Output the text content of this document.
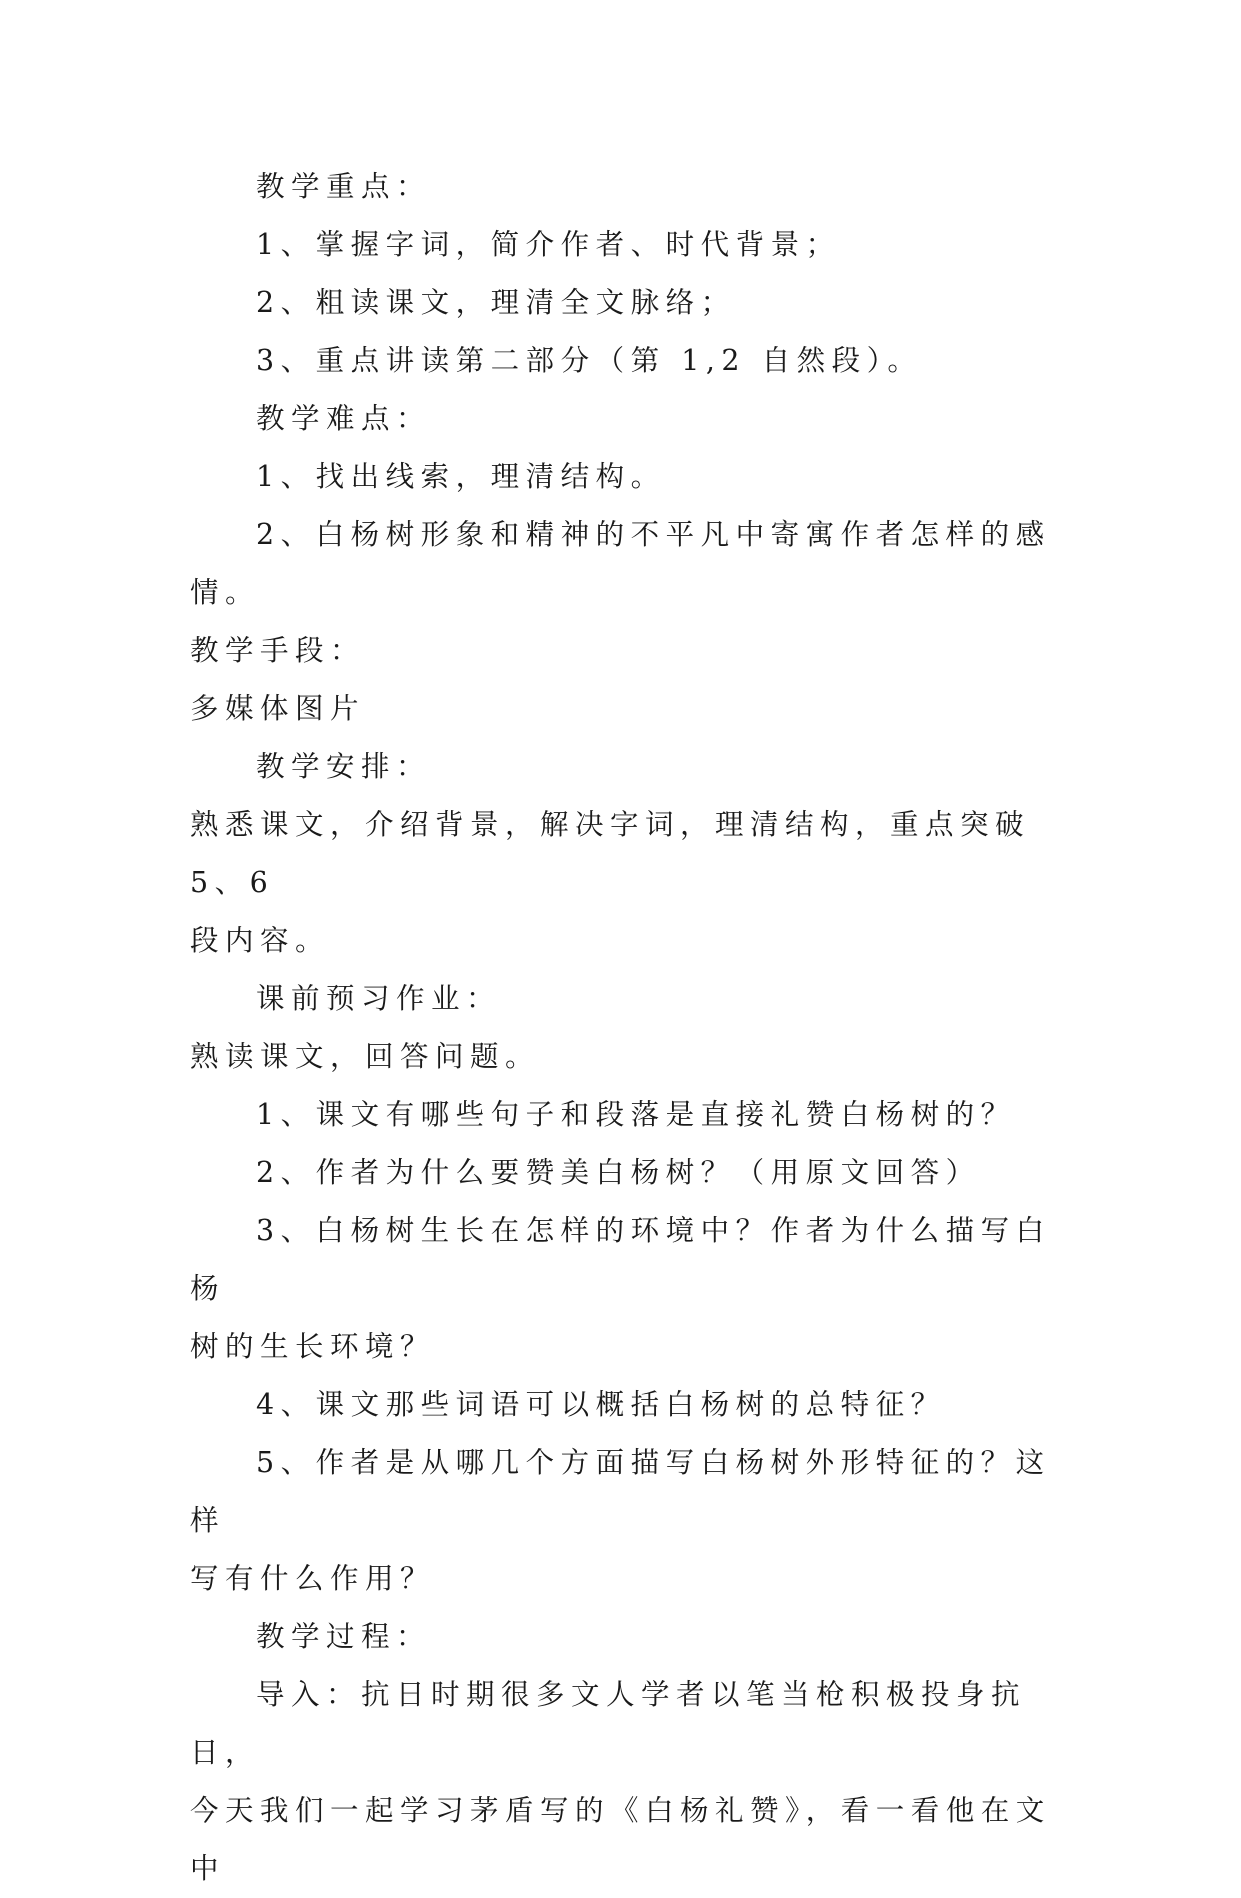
教学重点：

1、掌握字词，简介作者、时代背景；

2、粗读课文，理清全文脉络；

3、重点讲读第二部分（第 1,2 自然段）。

教学难点：

1、找出线索，理清结构。

2、白杨树形象和精神的不平凡中寄寓作者怎样的感情。

教学手段：

多媒体图片

教学安排：

熟悉课文，介绍背景，解决字词，理清结构，重点突破 5、6

段内容。

课前预习作业：

熟读课文，回答问题。

1、课文有哪些句子和段落是直接礼赞白杨树的？

2、作者为什么要赞美白杨树？（用原文回答）

3、白杨树生长在怎样的环境中？作者为什么描写白杨

树的生长环境？

4、课文那些词语可以概括白杨树的总特征？

5、作者是从哪几个方面描写白杨树外形特征的？这样

写有什么作用？

教学过程：

导入：抗日时期很多文人学者以笔当枪积极投身抗日，

今天我们一起学习茅盾写的《白杨礼赞》，看一看他在文中
